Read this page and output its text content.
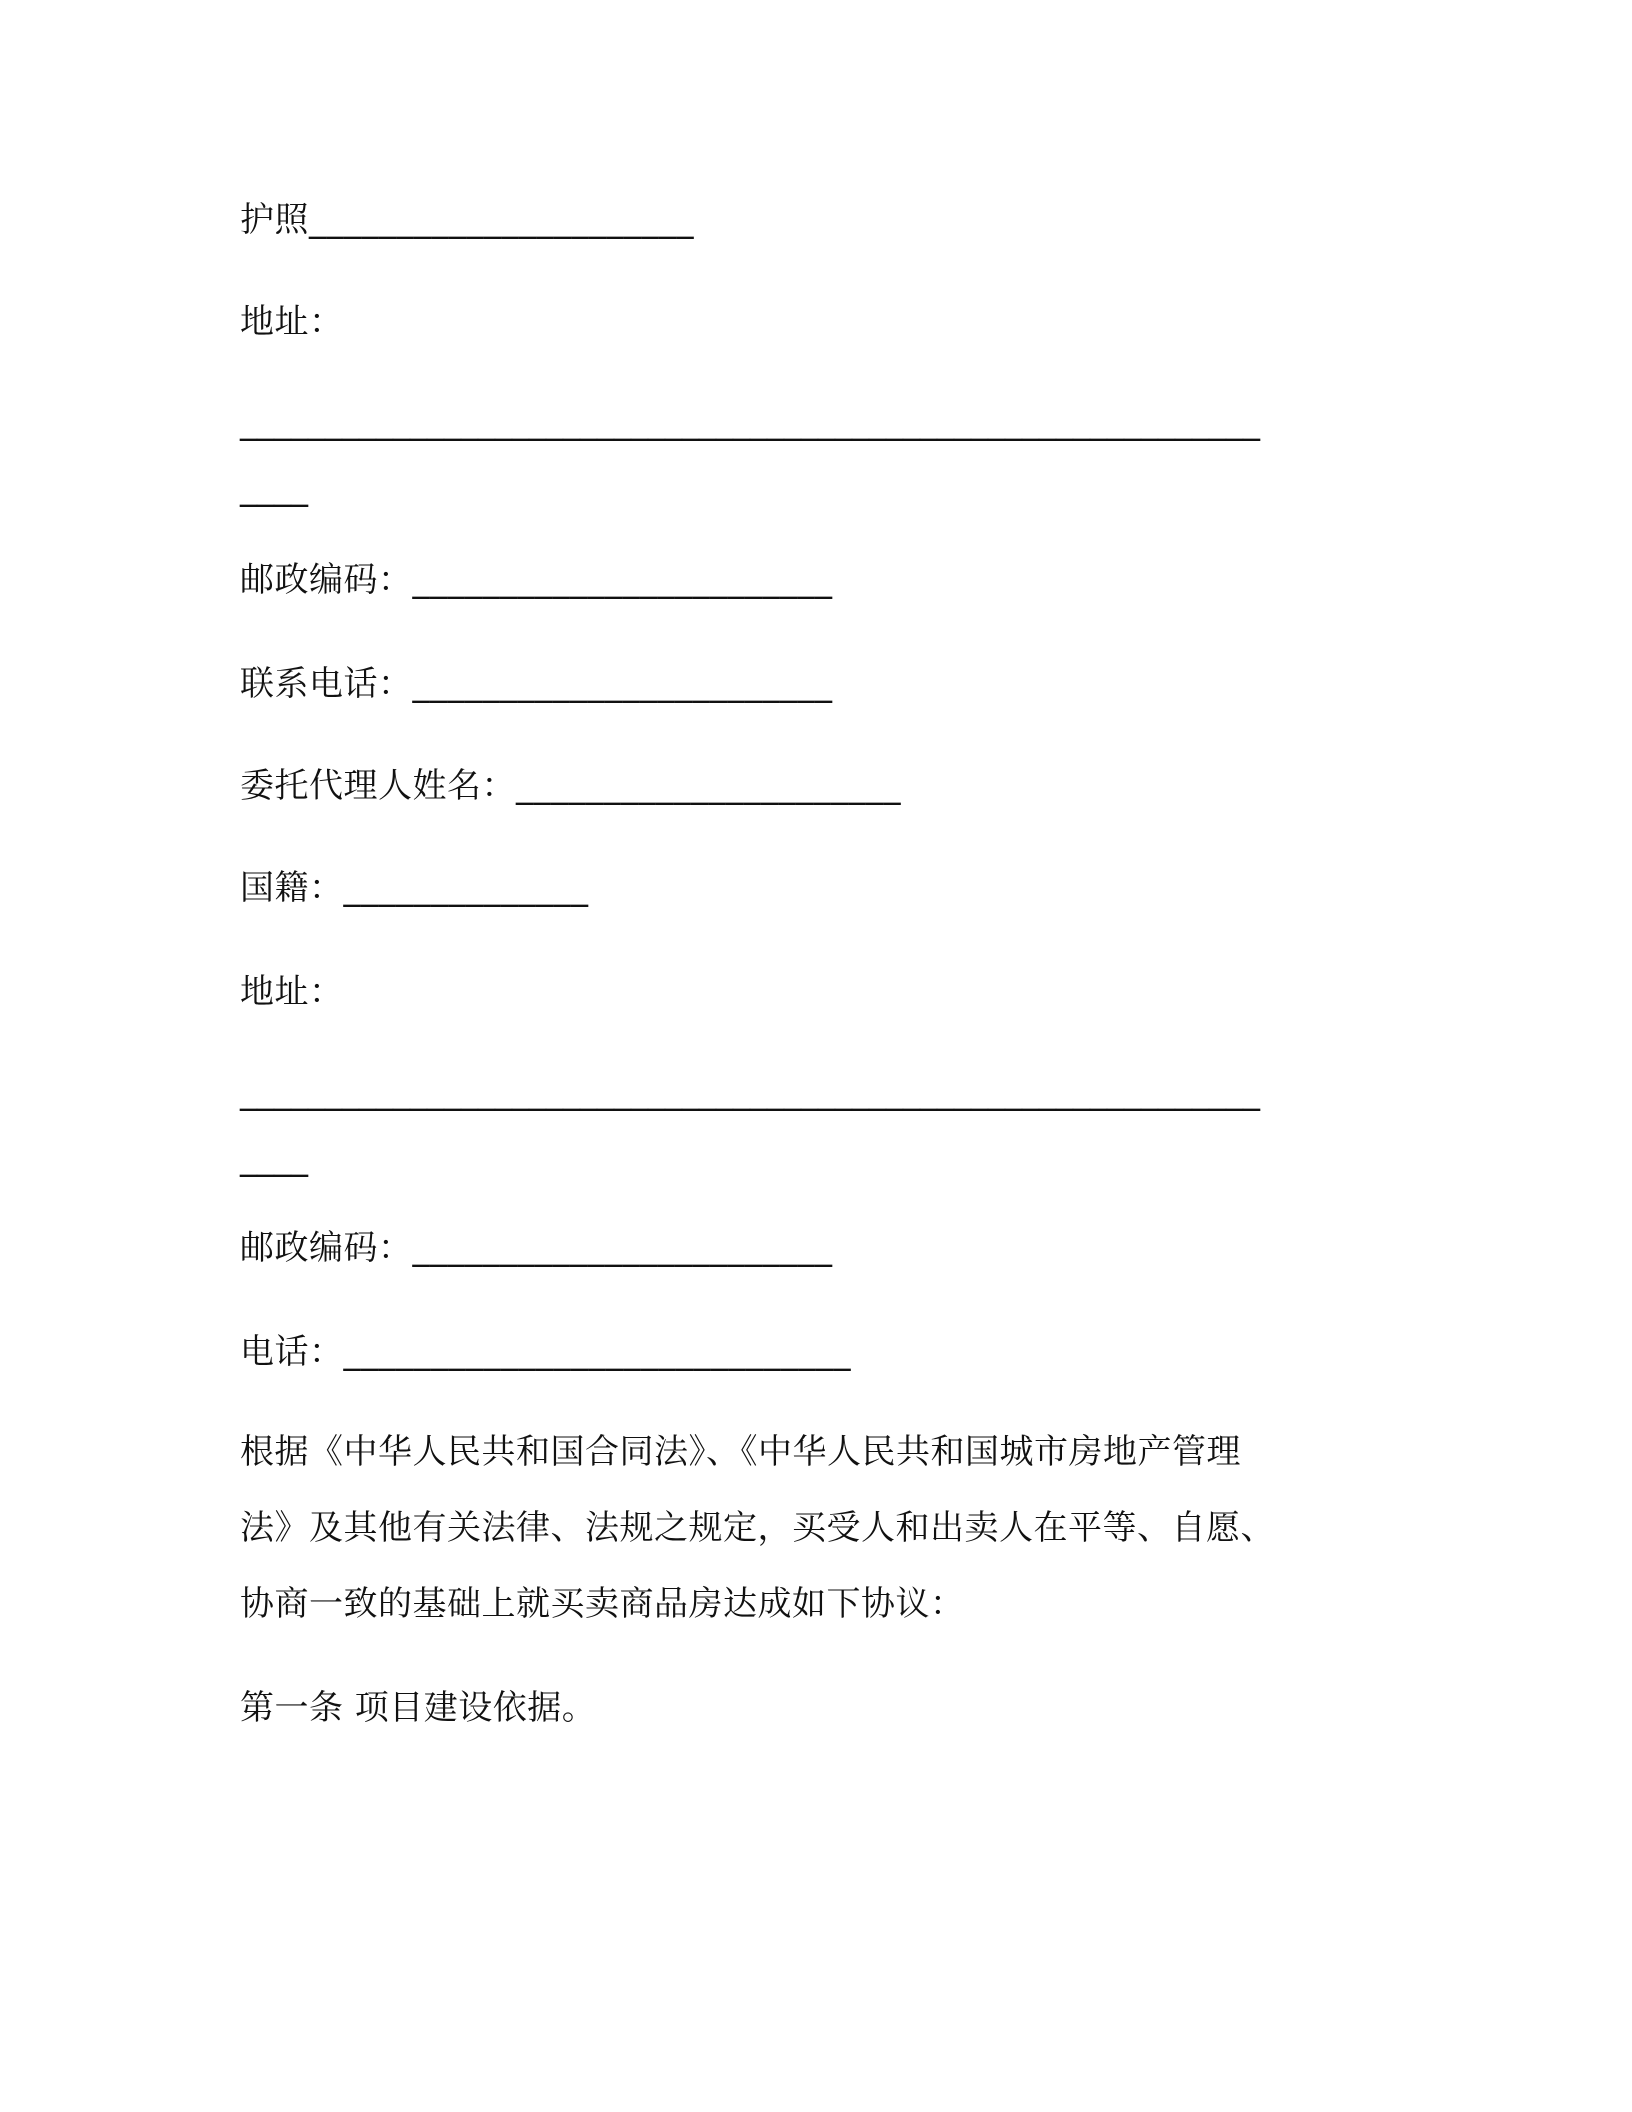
护照______________________
地址：
____________________________________________________________
____
邮政编码：________________________
联系电话：________________________
委托代理人姓名：______________________
国籍：______________
地址：
____________________________________________________________
____
邮政编码：________________________
电话：_____________________________
根据《中华人民共和国合同法》、《中华人民共和国城市房地产管理
法》及其他有关法律、法规之规定，买受人和出卖人在平等、自愿、
协商一致的基础上就买卖商品房达成如下协议：
第一条 项目建设依据。
